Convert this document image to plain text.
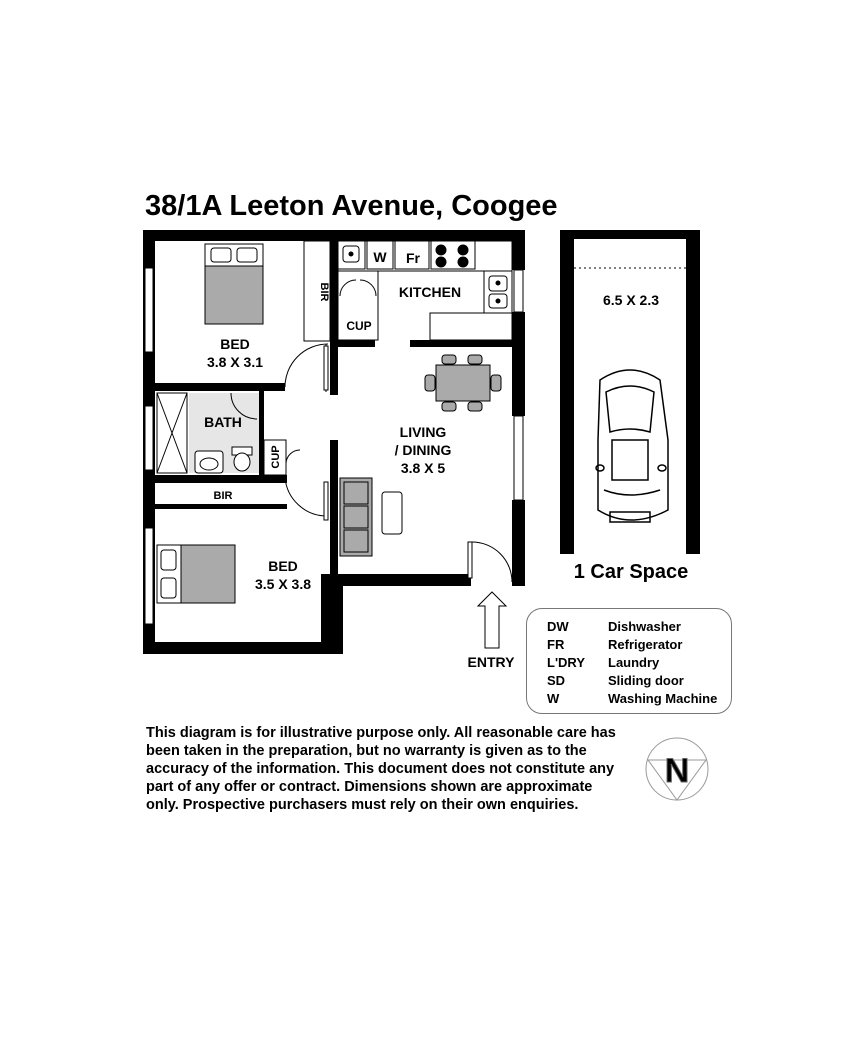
38/1A Leeton Avenue, Coogee
BED
3.8 X 3.1
BIR
CUP
KITCHEN
W Fr
BATH
CUP
BIR
LIVING
/ DINING
3.8 X 5
BED
3.5 X 3.8
ENTRY
6.5 X 2.3
1 Car Space
N
DW	Dishwasher
FR	Refrigerator
L'DRY Laundry
SD	Sliding door
W	Washing Machine

This diagram is for illustrative purpose only. All reasonable care has been taken in the preparation, but no warranty is given as to the accuracy of the information. This document does not constitute any part of any offer or contract. Dimensions shown are approximate only. Prospective purchasers must rely on their own enquiries.
